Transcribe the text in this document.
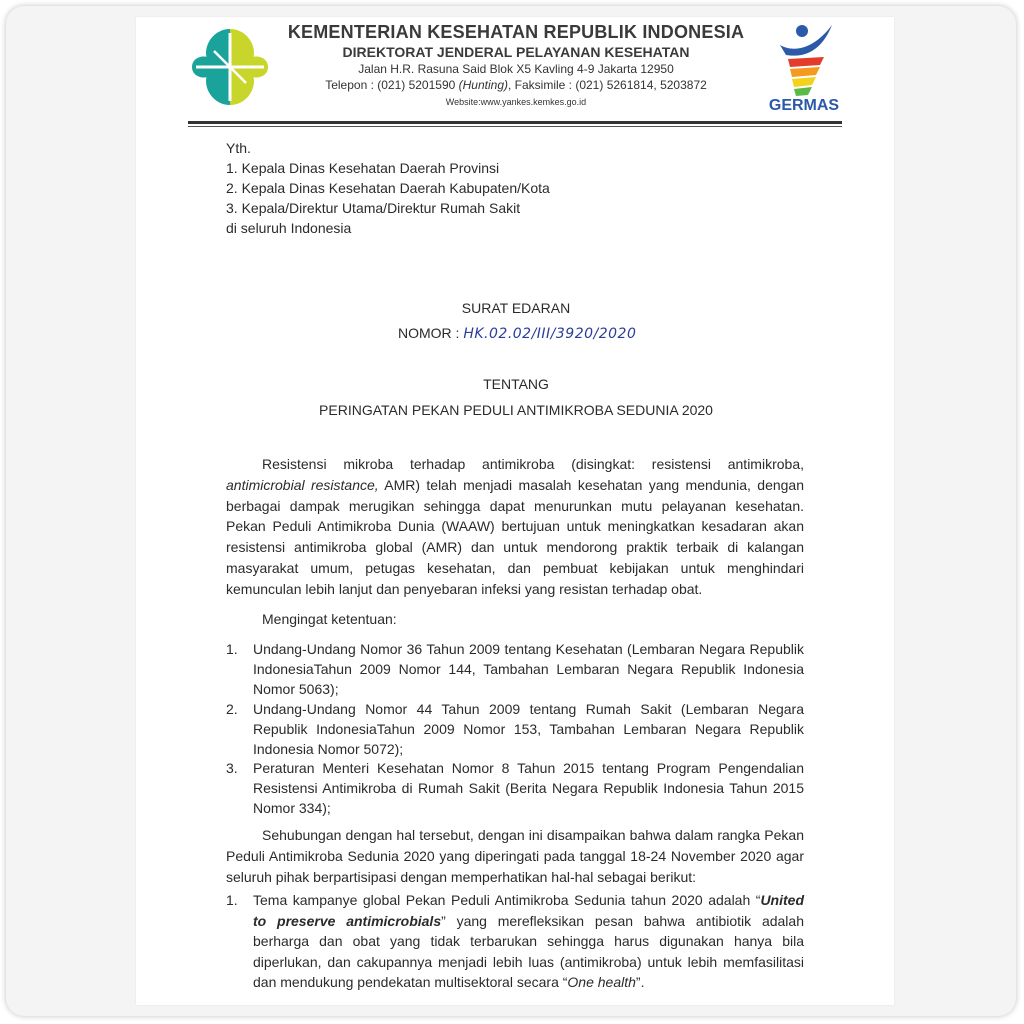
KEMENTERIAN KESEHATAN REPUBLIK INDONESIA
DIREKTORAT JENDERAL PELAYANAN KESEHATAN
Jalan H.R. Rasuna Said Blok X5 Kavling 4-9 Jakarta 12950
Telepon : (021) 5201590 (Hunting), Faksimile : (021) 5261814, 5203872
Website:www.yankes.kemkes.go.id	GERMAS
Yth.
1. Kepala Dinas Kesehatan Daerah Provinsi
2. Kepala Dinas Kesehatan Daerah Kabupaten/Kota
3. Kepala/Direktur Utama/Direktur Rumah Sakit
di seluruh Indonesia
SURAT EDARAN
NOMOR : HK.02.02/III/3920/2020
TENTANG
PERINGATAN PEKAN PEDULI ANTIMIKROBA SEDUNIA 2020
Resistensi mikroba terhadap antimikroba (disingkat: resistensi antimikroba, antimicrobial resistance, AMR) telah menjadi masalah kesehatan yang mendunia, dengan berbagai dampak merugikan sehingga dapat menurunkan mutu pelayanan kesehatan. Pekan Peduli Antimikroba Dunia (WAAW) bertujuan untuk meningkatkan kesadaran akan resistensi antimikroba global (AMR) dan untuk mendorong praktik terbaik di kalangan masyarakat umum, petugas kesehatan, dan pembuat kebijakan untuk menghindari kemunculan lebih lanjut dan penyebaran infeksi yang resistan terhadap obat.
Mengingat ketentuan:
1. Undang-Undang Nomor 36 Tahun 2009 tentang Kesehatan (Lembaran Negara Republik IndonesiaTahun 2009 Nomor 144, Tambahan Lembaran Negara Republik Indonesia Nomor 5063);
2. Undang-Undang Nomor 44 Tahun 2009 tentang Rumah Sakit (Lembaran Negara Republik IndonesiaTahun 2009 Nomor 153, Tambahan Lembaran Negara Republik Indonesia Nomor 5072);
3. Peraturan Menteri Kesehatan Nomor 8 Tahun 2015 tentang Program Pengendalian Resistensi Antimikroba di Rumah Sakit (Berita Negara Republik Indonesia Tahun 2015 Nomor 334);
Sehubungan dengan hal tersebut, dengan ini disampaikan bahwa dalam rangka Pekan Peduli Antimikroba Sedunia 2020 yang diperingati pada tanggal 18-24 November 2020 agar seluruh pihak berpartisipasi dengan memperhatikan hal-hal sebagai berikut:
1. Tema kampanye global Pekan Peduli Antimikroba Sedunia tahun 2020 adalah “United to preserve antimicrobials” yang merefleksikan pesan bahwa antibiotik adalah berharga dan obat yang tidak terbarukan sehingga harus digunakan hanya bila diperlukan, dan cakupannya menjadi lebih luas (antimikroba) untuk lebih memfasilitasi dan mendukung pendekatan multisektoral secara “One health”.
